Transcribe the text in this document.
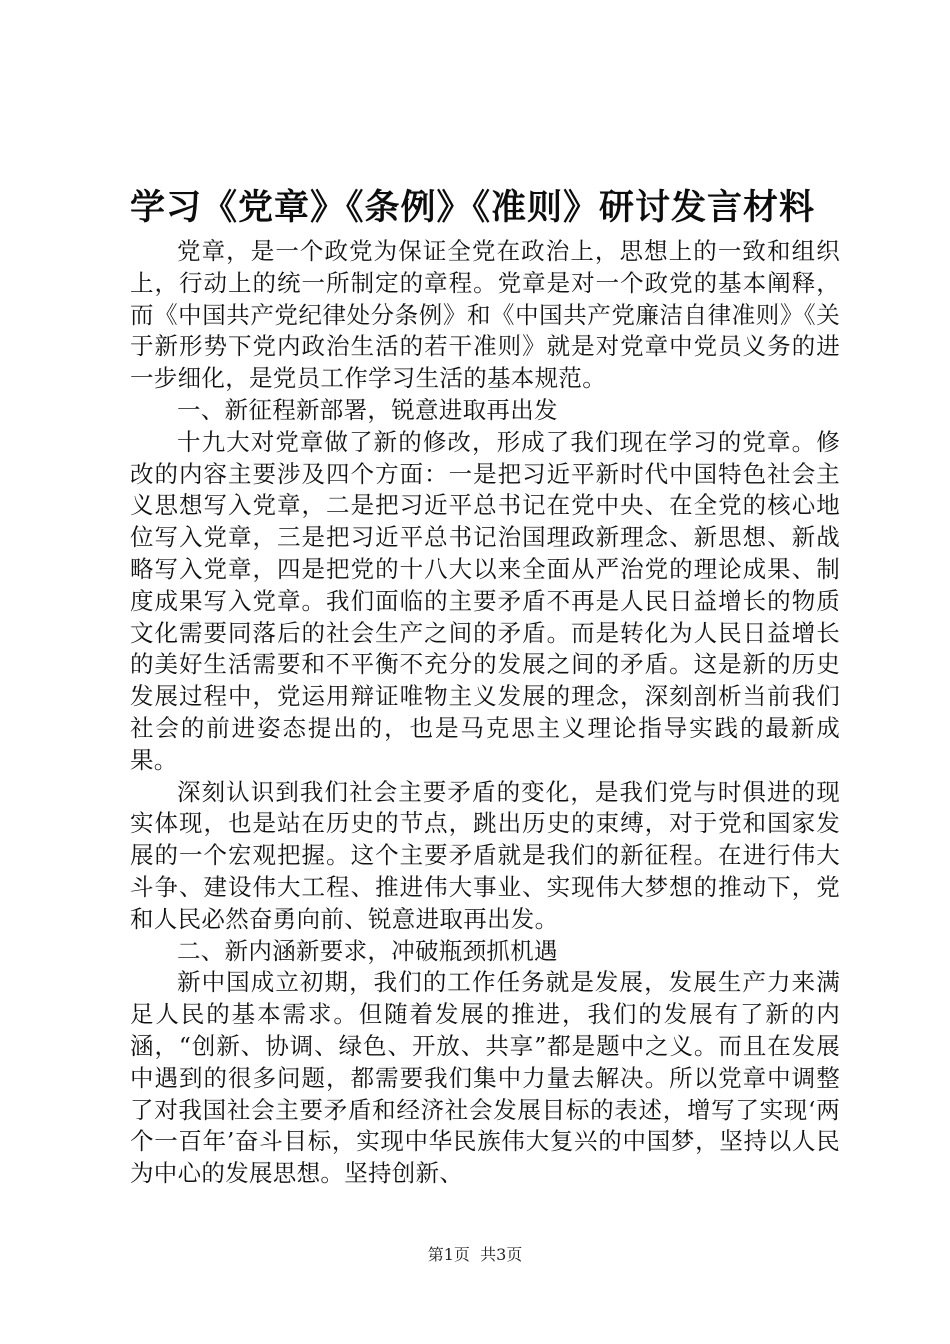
学习《党章》《条例》《准则》研讨发言材料

党章，是一个政党为保证全党在政治上，思想上的一致和组织上，行动上的统一所制定的章程。党章是对一个政党的基本阐释，而《中国共产党纪律处分条例》和《中国共产党廉洁自律准则》《关于新形势下党内政治生活的若干准则》就是对党章中党员义务的进一步细化，是党员工作学习生活的基本规范。

一、新征程新部署，锐意进取再出发

十九大对党章做了新的修改，形成了我们现在学习的党章。修改的内容主要涉及四个方面：一是把习近平新时代中国特色社会主义思想写入党章，二是把习近平总书记在党中央、在全党的核心地位写入党章，三是把习近平总书记治国理政新理念、新思想、新战略写入党章，四是把党的十八大以来全面从严治党的理论成果、制度成果写入党章。我们面临的主要矛盾不再是人民日益增长的物质文化需要同落后的社会生产之间的矛盾。而是转化为人民日益增长的美好生活需要和不平衡不充分的发展之间的矛盾。这是新的历史发展过程中，党运用辩证唯物主义发展的理念，深刻剖析当前我们社会的前进姿态提出的，也是马克思主义理论指导实践的最新成果。

深刻认识到我们社会主要矛盾的变化，是我们党与时俱进的现实体现，也是站在历史的节点，跳出历史的束缚，对于党和国家发展的一个宏观把握。这个主要矛盾就是我们的新征程。在进行伟大斗争、建设伟大工程、推进伟大事业、实现伟大梦想的推动下，党和人民必然奋勇向前、锐意进取再出发。

二、新内涵新要求，冲破瓶颈抓机遇

新中国成立初期，我们的工作任务就是发展，发展生产力来满足人民的基本需求。但随着发展的推进，我们的发展有了新的内涵，“创新、协调、绿色、开放、共享”都是题中之义。而且在发展中遇到的很多问题，都需要我们集中力量去解决。所以党章中调整了对我国社会主要矛盾和经济社会发展目标的表述，增写了实现‘两个一百年’奋斗目标，实现中华民族伟大复兴的中国梦，坚持以人民为中心的发展思想。坚持创新、

第1页  共3页
